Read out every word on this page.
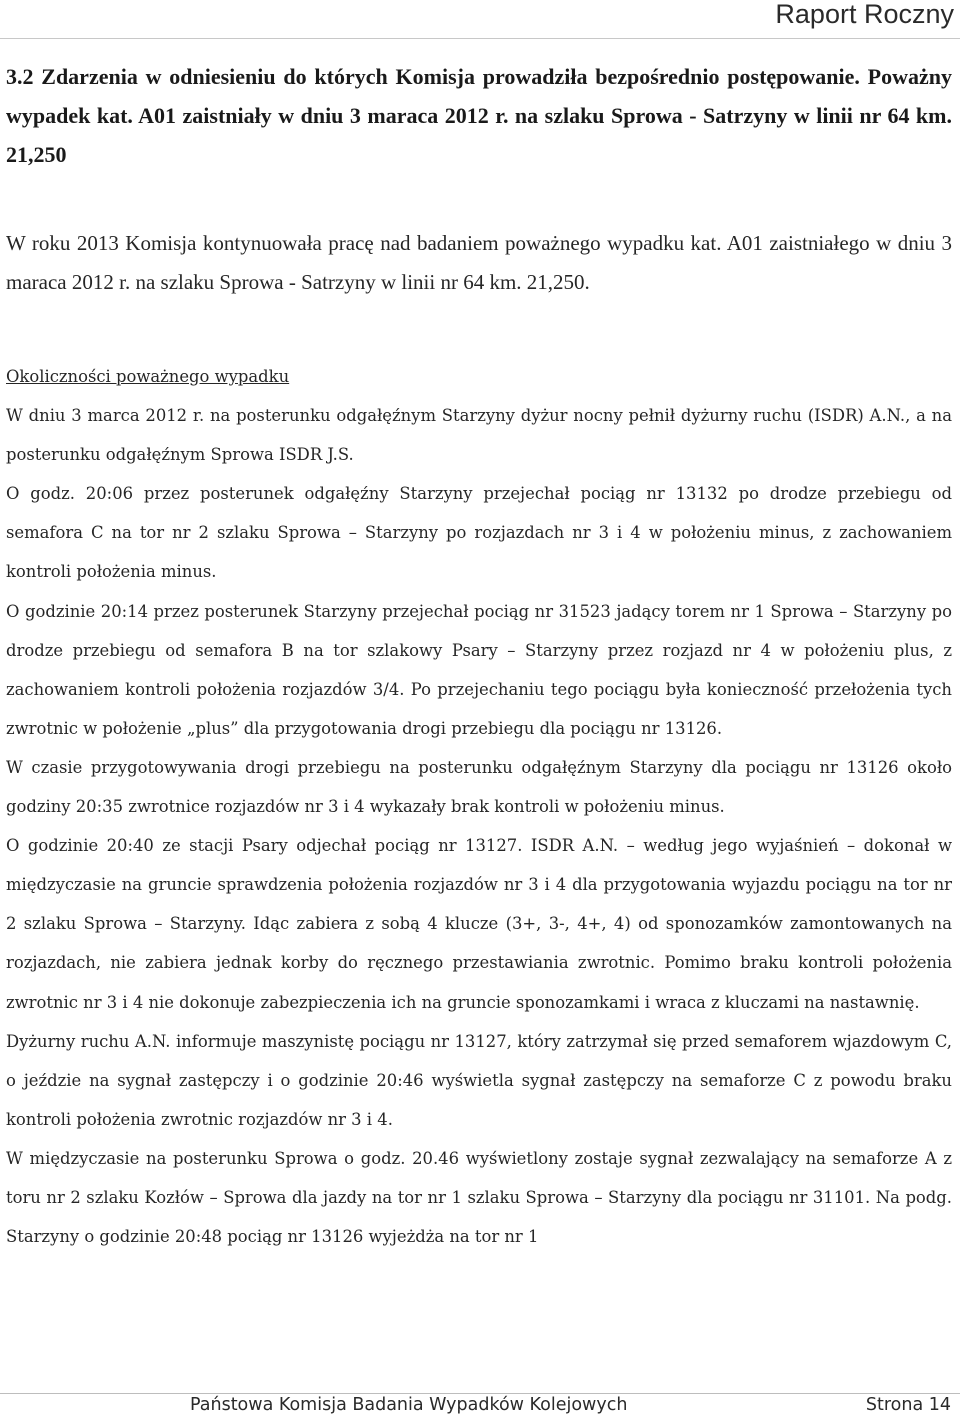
Raport Roczny
3.2 Zdarzenia w odniesieniu do których Komisja prowadziła bezpośrednio postępowanie. Poważny wypadek kat. A01 zaistniały w dniu 3 maraca 2012 r. na szlaku Sprowa - Satrzyny w linii nr 64 km. 21,250
W roku 2013 Komisja kontynuowała pracę nad badaniem poważnego wypadku kat. A01 zaistniałego w dniu 3 maraca 2012 r. na szlaku Sprowa - Satrzyny w linii nr 64 km. 21,250.

Okoliczności poważnego wypadku

W dniu 3 marca 2012 r. na posterunku odgałęźnym Starzyny dyżur nocny pełnił dyżurny ruchu (ISDR) A.N., a na posterunku odgałęźnym Sprowa ISDR J.S.

O godz. 20:06 przez posterunek odgałęźny Starzyny przejechał pociąg nr 13132 po drodze przebiegu od semafora C na tor nr 2 szlaku Sprowa – Starzyny po rozjazdach nr 3 i 4 w położeniu minus, z zachowaniem kontroli położenia minus.

O godzinie 20:14 przez posterunek Starzyny przejechał pociąg nr 31523 jadący torem nr 1 Sprowa – Starzyny po drodze przebiegu od semafora B na tor szlakowy Psary – Starzyny przez rozjazd nr 4 w położeniu plus, z zachowaniem kontroli położenia rozjazdów 3/4. Po przejechaniu tego pociągu była konieczność przełożenia tych zwrotnic w położenie „plus” dla przygotowania drogi przebiegu dla pociągu nr 13126.

W czasie przygotowywania drogi przebiegu na posterunku odgałęźnym Starzyny dla pociągu nr 13126 około godziny 20:35 zwrotnice rozjazdów nr 3 i 4 wykazały brak kontroli w położeniu minus.

O godzinie 20:40 ze stacji Psary odjechał pociąg nr 13127. ISDR A.N. – według jego wyjaśnień – dokonał w międzyczasie na gruncie sprawdzenia położenia rozjazdów nr 3 i 4 dla przygotowania wyjazdu pociągu na tor nr 2 szlaku Sprowa – Starzyny. Idąc zabiera z sobą 4 klucze (3+, 3-, 4+, 4) od sponozamków zamontowanych na rozjazdach, nie zabiera jednak korby do ręcznego przestawiania zwrotnic. Pomimo braku kontroli położenia zwrotnic nr 3 i 4 nie dokonuje zabezpieczenia ich na gruncie sponozamkami i wraca z kluczami na nastawnię.

Dyżurny ruchu A.N. informuje maszynistę pociągu nr 13127, który zatrzymał się przed semaforem wjazdowym C, o jeździe na sygnał zastępczy i o godzinie 20:46 wyświetla sygnał zastępczy na semaforze C z powodu braku kontroli położenia zwrotnic rozjazdów nr 3 i 4.

W międzyczasie na posterunku Sprowa o godz. 20.46 wyświetlony zostaje sygnał zezwalający na semaforze A z toru nr 2 szlaku Kozłów – Sprowa dla jazdy na tor nr 1 szlaku Sprowa – Starzyny dla pociągu nr 31101. Na podg. Starzyny o godzinie 20:48 pociąg nr 13126 wyjeżdża na tor nr 1

Państowa Komisja Badania Wypadków Kolejowych	Strona 14
